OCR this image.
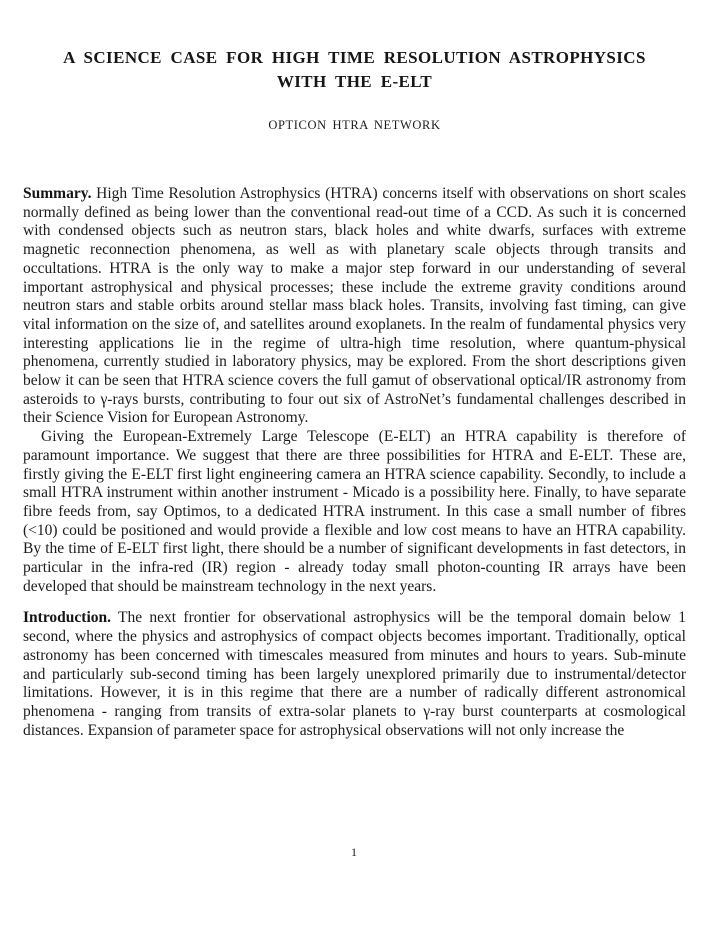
A SCIENCE CASE FOR HIGH TIME RESOLUTION ASTROPHYSICS
WITH THE E-ELT
OPTICON HTRA NETWORK

Summary. High Time Resolution Astrophysics (HTRA) concerns itself with observations on short scales normally defined as being lower than the conventional read-out time of a CCD. As such it is concerned with condensed objects such as neutron stars, black holes and white dwarfs, surfaces with extreme magnetic reconnection phenomena, as well as with planetary scale objects through transits and occultations. HTRA is the only way to make a major step forward in our understanding of several important astrophysical and physical processes; these include the extreme gravity conditions around neutron stars and stable orbits around stellar mass black holes. Transits, involving fast timing, can give vital information on the size of, and satellites around exoplanets. In the realm of fundamental physics very interesting applications lie in the regime of ultra-high time resolution, where quantum-physical phenomena, currently studied in laboratory physics, may be explored. From the short descriptions given below it can be seen that HTRA science covers the full gamut of observational optical/IR astronomy from asteroids to γ-rays bursts, contributing to four out six of AstroNet’s fundamental challenges described in their Science Vision for European Astronomy.

Giving the European-Extremely Large Telescope (E-ELT) an HTRA capability is therefore of paramount importance. We suggest that there are three possibilities for HTRA and E-ELT. These are, firstly giving the E-ELT first light engineering camera an HTRA science capability. Secondly, to include a small HTRA instrument within another instrument - Micado is a possibility here. Finally, to have separate fibre feeds from, say Optimos, to a dedicated HTRA instrument. In this case a small number of fibres (<10) could be positioned and would provide a flexible and low cost means to have an HTRA capability. By the time of E-ELT first light, there should be a number of significant developments in fast detectors, in particular in the infra-red (IR) region - already today small photon-counting IR arrays have been developed that should be mainstream technology in the next years.

Introduction. The next frontier for observational astrophysics will be the temporal domain below 1 second, where the physics and astrophysics of compact objects becomes important. Traditionally, optical astronomy has been concerned with timescales measured from minutes and hours to years. Sub-minute and particularly sub-second timing has been largely unexplored primarily due to instrumental/detector limitations. However, it is in this regime that there are a number of radically different astronomical phenomena - ranging from transits of extra-solar planets to γ-ray burst counterparts at cosmological distances. Expansion of parameter space for astrophysical observations will not only increase the

1
